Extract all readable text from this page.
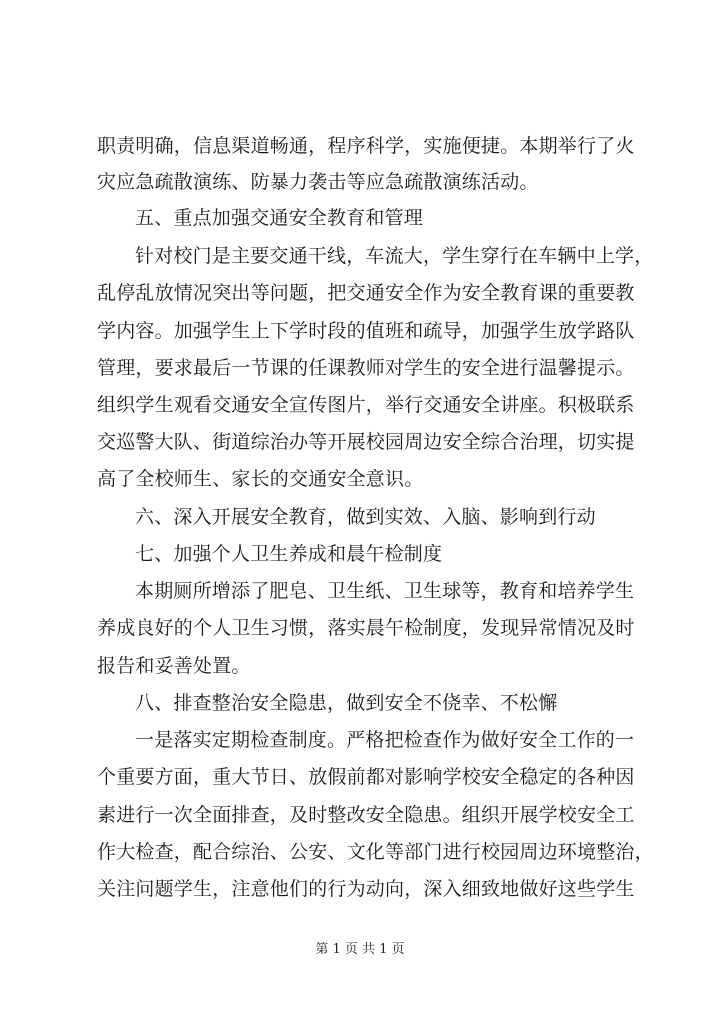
职责明确，信息渠道畅通，程序科学，实施便捷。本期举行了火
灾应急疏散演练、防暴力袭击等应急疏散演练活动。
五、重点加强交通安全教育和管理
针对校门是主要交通干线，车流大，学生穿行在车辆中上学，
乱停乱放情况突出等问题，把交通安全作为安全教育课的重要教
学内容。加强学生上下学时段的值班和疏导，加强学生放学路队
管理，要求最后一节课的任课教师对学生的安全进行温馨提示。
组织学生观看交通安全宣传图片，举行交通安全讲座。积极联系
交巡警大队、街道综治办等开展校园周边安全综合治理，切实提
高了全校师生、家长的交通安全意识。
六、深入开展安全教育，做到实效、入脑、影响到行动
七、加强个人卫生养成和晨午检制度
本期厕所增添了肥皂、卫生纸、卫生球等，教育和培养学生
养成良好的个人卫生习惯，落实晨午检制度，发现异常情况及时
报告和妥善处置。
八、排查整治安全隐患，做到安全不侥幸、不松懈
一是落实定期检查制度。严格把检查作为做好安全工作的一
个重要方面，重大节日、放假前都对影响学校安全稳定的各种因
素进行一次全面排查，及时整改安全隐患。组织开展学校安全工
作大检查，配合综治、公安、文化等部门进行校园周边环境整治，
关注问题学生，注意他们的行为动向，深入细致地做好这些学生
第 1 页 共 1 页
